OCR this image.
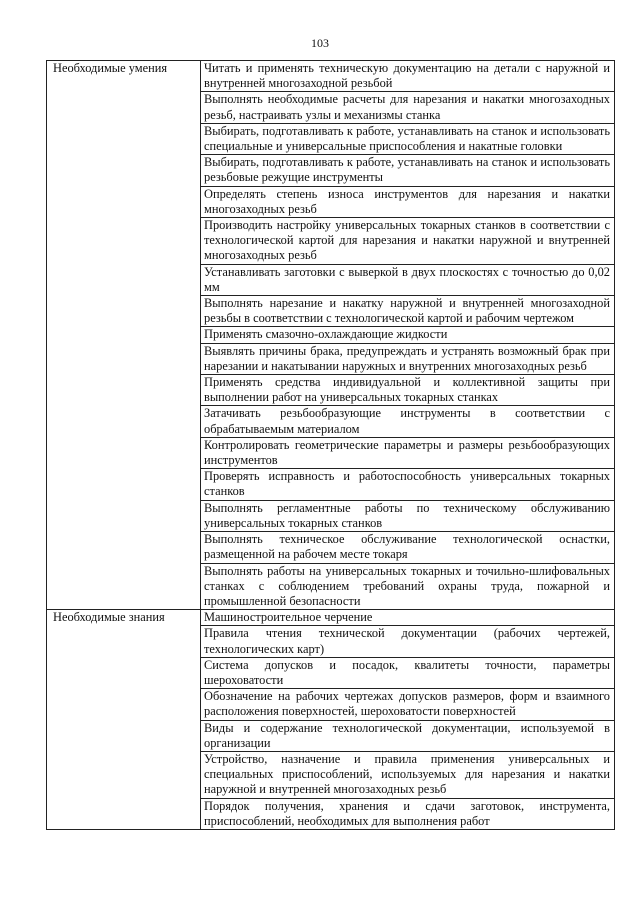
103
Необходимые умения	Читать и применять техническую документацию на детали с наружной и внутренней многозаходной резьбой
	Выполнять необходимые расчеты для нарезания и накатки многозаходных резьб, настраивать узлы и механизмы станка
	Выбирать, подготавливать к работе, устанавливать на станок и использовать специальные и универсальные приспособления и накатные головки
	Выбирать, подготавливать к работе, устанавливать на станок и использовать резьбовые режущие инструменты
	Определять степень износа инструментов для нарезания и накатки многозаходных резьб
	Производить настройку универсальных токарных станков в соответствии с технологической картой для нарезания и накатки наружной и внутренней многозаходных резьб
	Устанавливать заготовки с выверкой в двух плоскостях с точностью до 0,02 мм
	Выполнять нарезание и накатку наружной и внутренней многозаходной резьбы в соответствии с технологической картой и рабочим чертежом
	Применять смазочно-охлаждающие жидкости
	Выявлять причины брака, предупреждать и устранять возможный брак при нарезании и накатывании наружных и внутренних многозаходных резьб
	Применять средства индивидуальной и коллективной защиты при выполнении работ на универсальных токарных станках
	Затачивать резьбообразующие инструменты в соответствии с обрабатываемым материалом
	Контролировать геометрические параметры и размеры резьбообразующих инструментов
	Проверять исправность и работоспособность универсальных токарных станков
	Выполнять регламентные работы по техническому обслуживанию универсальных токарных станков
	Выполнять техническое обслуживание технологической оснастки, размещенной на рабочем месте токаря
	Выполнять работы на универсальных токарных и точильно-шлифовальных станках с соблюдением требований охраны труда, пожарной и промышленной безопасности
Необходимые знания	Машиностроительное черчение
	Правила чтения технической документации (рабочих чертежей, технологических карт)
	Система допусков и посадок, квалитеты точности, параметры шероховатости
	Обозначение на рабочих чертежах допусков размеров, форм и взаимного расположения поверхностей, шероховатости поверхностей
	Виды и содержание технологической документации, используемой в организации
	Устройство, назначение и правила применения универсальных и специальных приспособлений, используемых для нарезания и накатки наружной и внутренней многозаходных резьб
	Порядок получения, хранения и сдачи заготовок, инструмента, приспособлений, необходимых для выполнения работ
